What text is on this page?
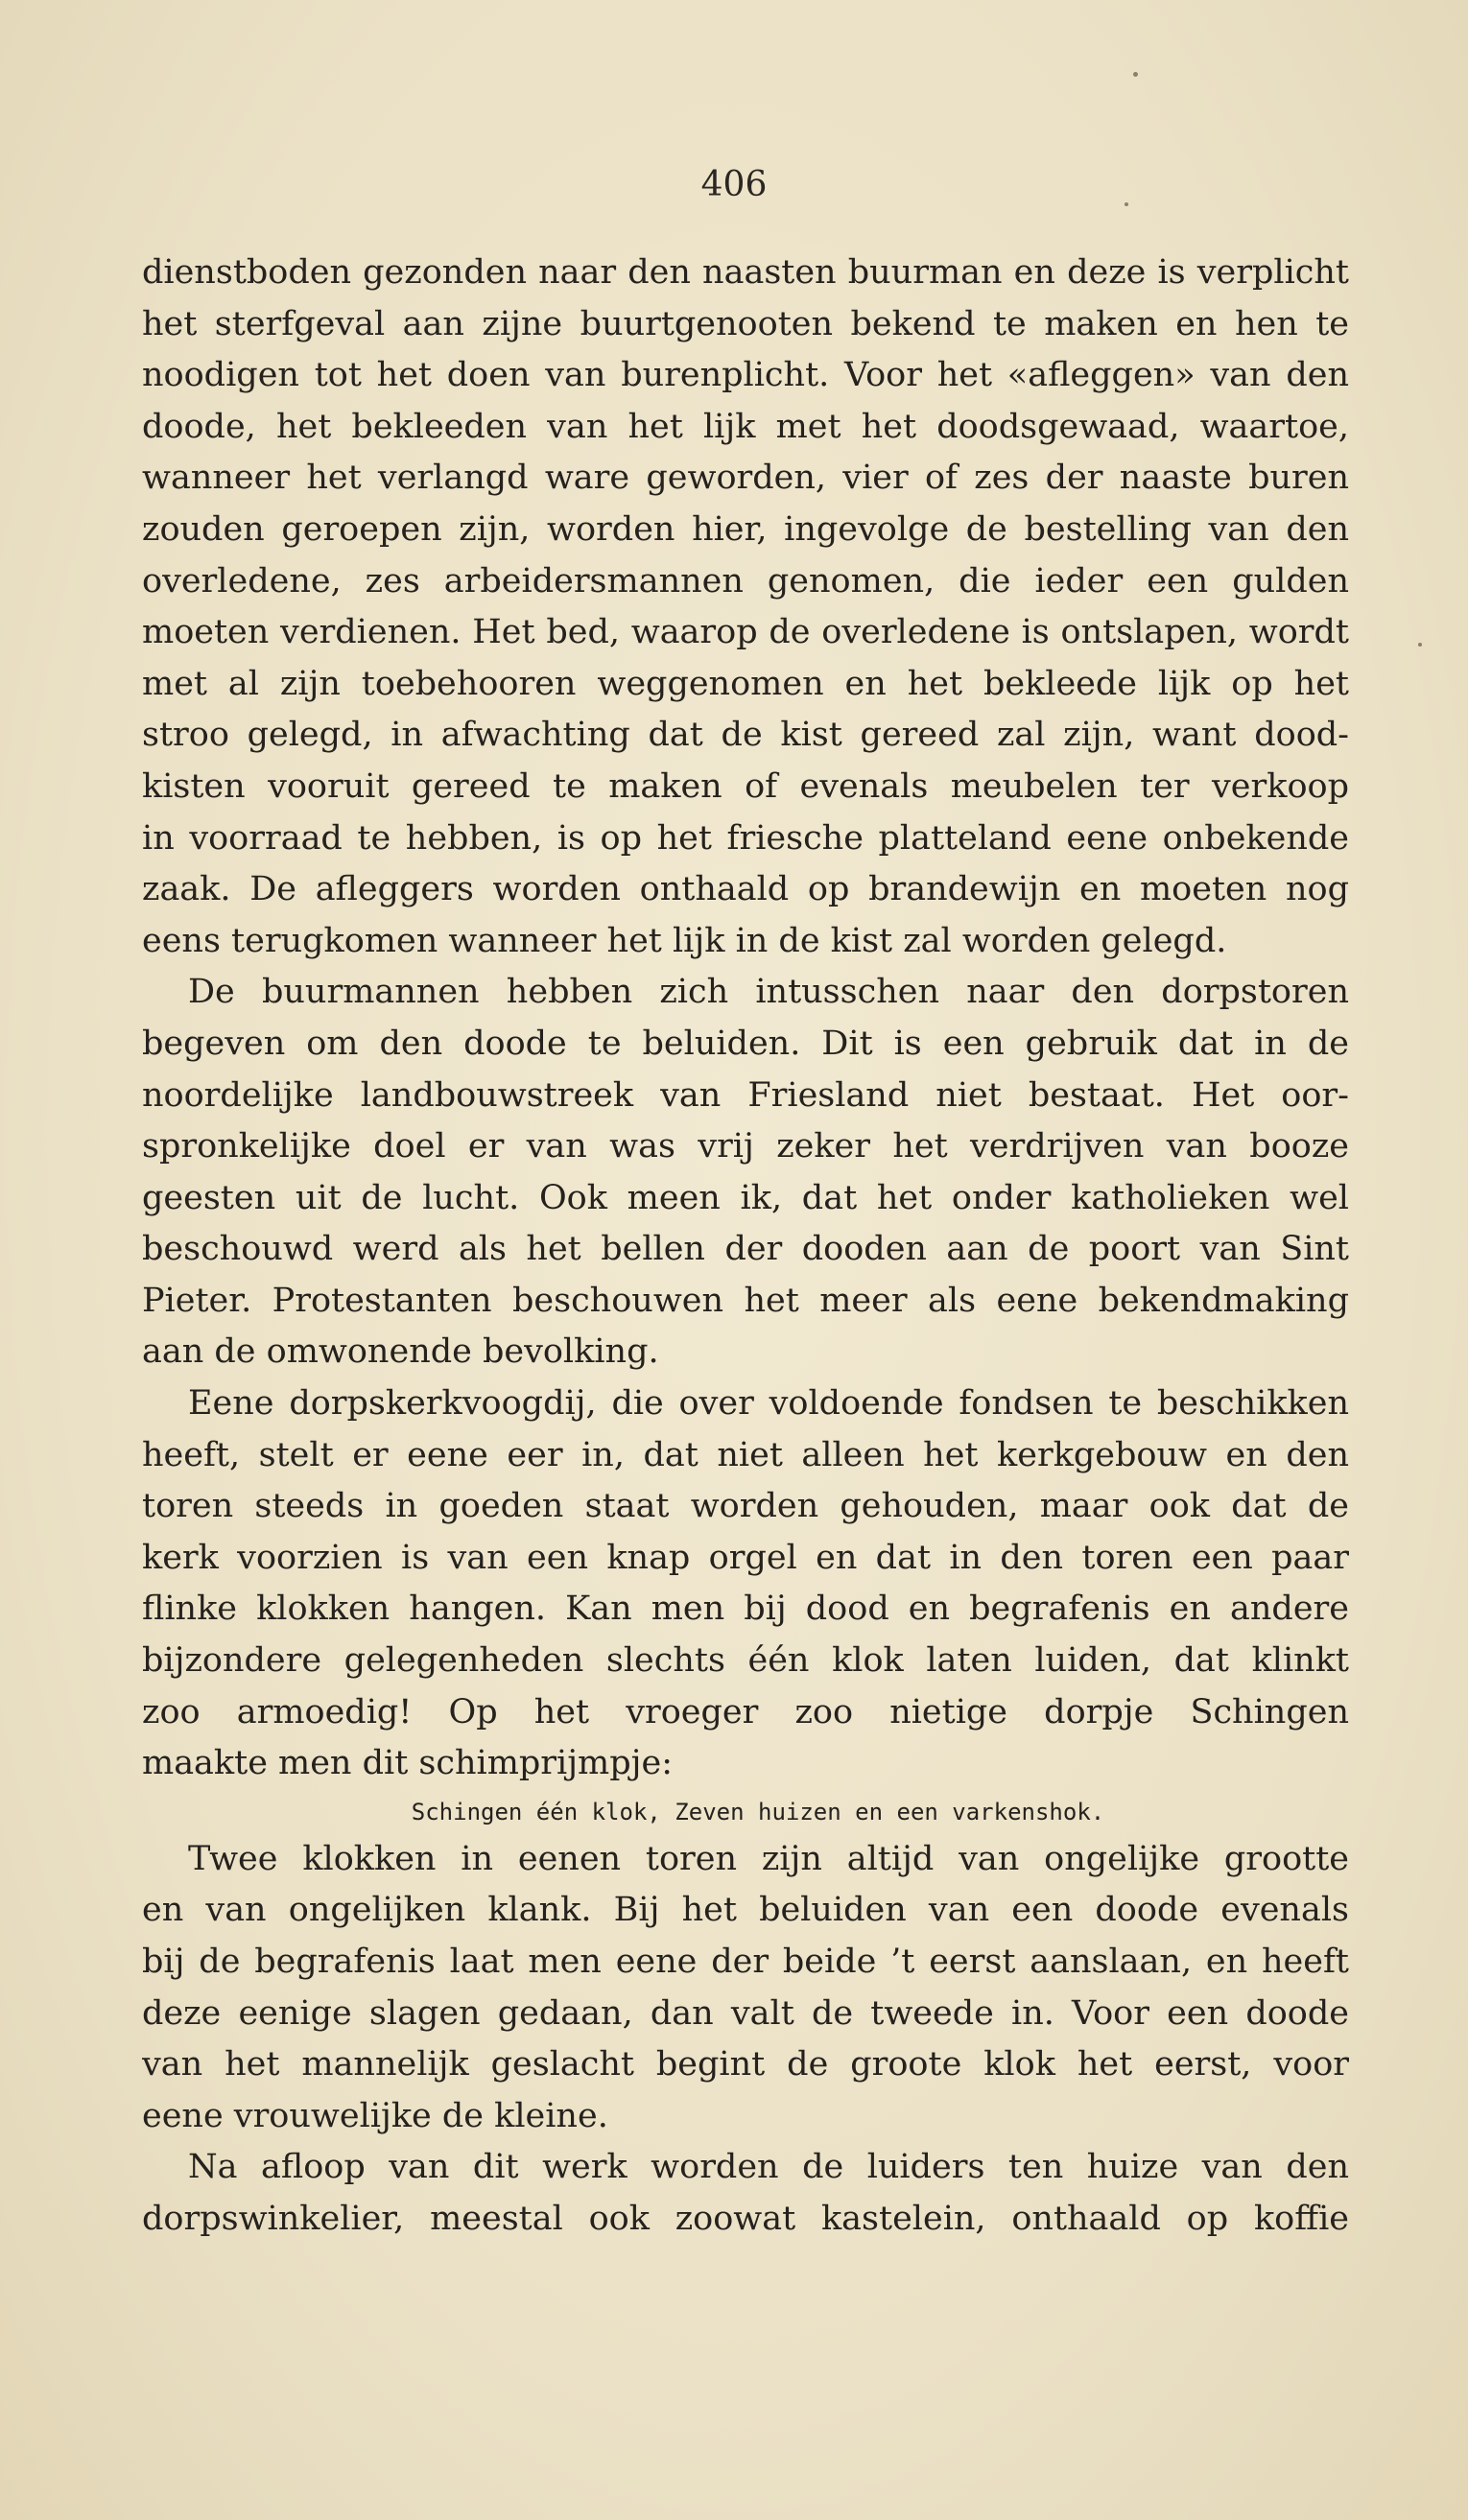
406
dienstboden gezonden naar den naasten buurman en deze is verplicht
het sterfgeval aan zijne buurtgenooten bekend te maken en hen te
noodigen tot het doen van burenplicht. Voor het «afleggen» van den
doode, het bekleeden van het lijk met het doodsgewaad, waartoe,
wanneer het verlangd ware geworden, vier of zes der naaste buren
zouden geroepen zijn, worden hier, ingevolge de bestelling van den
overledene, zes arbeidersmannen genomen, die ieder een gulden
moeten verdienen. Het bed, waarop de overledene is ontslapen, wordt
met al zijn toebehooren weggenomen en het bekleede lijk op het
stroo gelegd, in afwachting dat de kist gereed zal zijn, want dood-
kisten vooruit gereed te maken of evenals meubelen ter verkoop
in voorraad te hebben, is op het friesche platteland eene onbekende
zaak. De afleggers worden onthaald op brandewijn en moeten nog
eens terugkomen wanneer het lijk in de kist zal worden gelegd.
De buurmannen hebben zich intusschen naar den dorpstoren
begeven om den doode te beluiden. Dit is een gebruik dat in de
noordelijke landbouwstreek van Friesland niet bestaat. Het oor-
spronkelijke doel er van was vrij zeker het verdrijven van booze
geesten uit de lucht. Ook meen ik, dat het onder katholieken wel
beschouwd werd als het bellen der dooden aan de poort van Sint
Pieter. Protestanten beschouwen het meer als eene bekendmaking
aan de omwonende bevolking.
Eene dorpskerkvoogdij, die over voldoende fondsen te beschikken
heeft, stelt er eene eer in, dat niet alleen het kerkgebouw en den
toren steeds in goeden staat worden gehouden, maar ook dat de
kerk voorzien is van een knap orgel en dat in den toren een paar
flinke klokken hangen. Kan men bij dood en begrafenis en andere
bijzondere gelegenheden slechts één klok laten luiden, dat klinkt
zoo armoedig! Op het vroeger zoo nietige dorpje Schingen
maakte men dit schimprijmpje:
Schingen één klok, Zeven huizen en een varkenshok.
Twee klokken in eenen toren zijn altijd van ongelijke grootte
en van ongelijken klank. Bij het beluiden van een doode evenals
bij de begrafenis laat men eene der beide ’t eerst aanslaan, en heeft
deze eenige slagen gedaan, dan valt de tweede in. Voor een doode
van het mannelijk geslacht begint de groote klok het eerst, voor
eene vrouwelijke de kleine.
Na afloop van dit werk worden de luiders ten huize van den
dorpswinkelier, meestal ook zoowat kastelein, onthaald op koffie
